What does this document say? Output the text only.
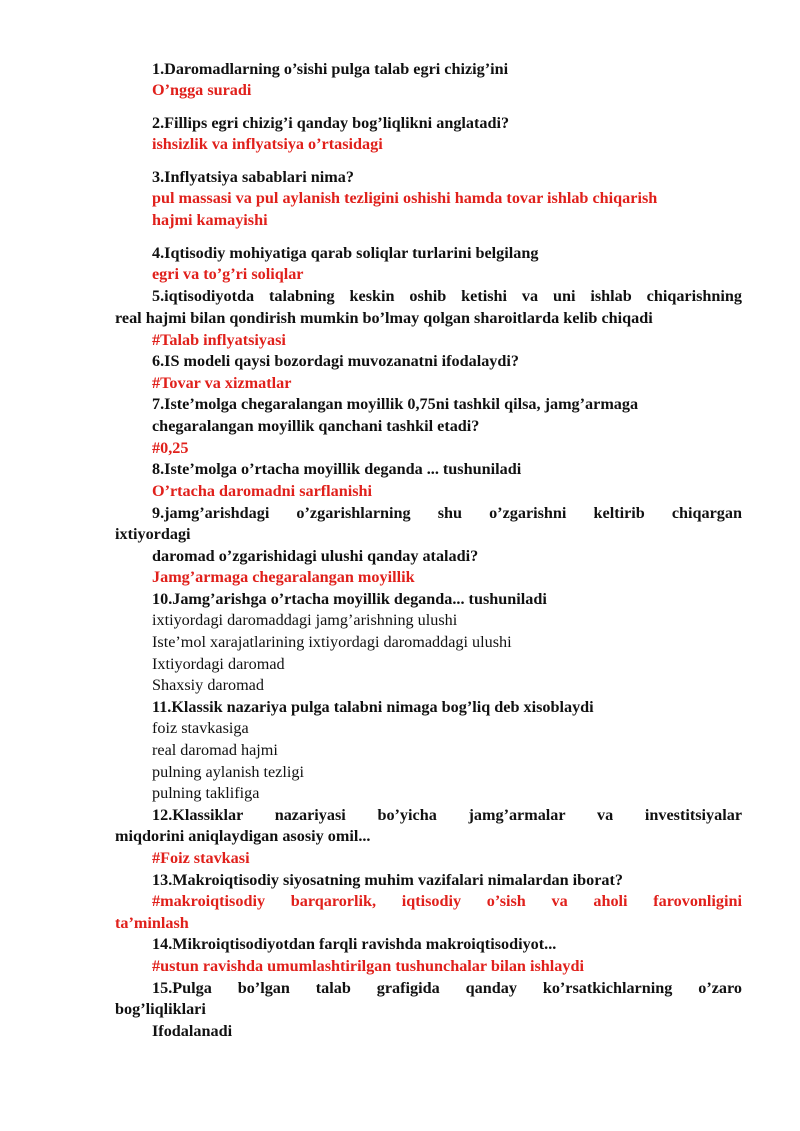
1.Daromadlarning o’sishi pulga talab egri chizig’ini
O’ngga suradi
2.Fillips egri chizig’i qanday bog’liqlikni anglatadi?
ishsizlik va inflyatsiya o’rtasidagi
3.Inflyatsiya sabablari nima?
pul massasi va pul aylanish tezligini oshishi hamda tovar ishlab chiqarish
hajmi kamayishi
4.Iqtisodiy mohiyatiga qarab soliqlar turlarini belgilang
egri va to’g’ri soliqlar
5.iqtisodiyotda talabning keskin oshib ketishi va uni ishlab chiqarishning
real hajmi bilan qondirish mumkin bo’lmay qolgan sharoitlarda kelib chiqadi
#Talab inflyatsiyasi
6.IS modeli qaysi bozordagi muvozanatni ifodalaydi?
#Tovar va xizmatlar
7.Iste’molga chegaralangan moyillik 0,75ni tashkil qilsa, jamg’armaga
chegaralangan moyillik qanchani tashkil etadi?
#0,25
8.Iste’molga o’rtacha moyillik deganda ... tushuniladi
O’rtacha daromadni sarflanishi
9.jamg’arishdagi o’zgarishlarning shu o’zgarishni keltirib chiqargan
ixtiyordagi
daromad o’zgarishidagi ulushi qanday ataladi?
Jamg’armaga chegaralangan moyillik
10.Jamg’arishga o’rtacha moyillik deganda... tushuniladi
ixtiyordagi daromaddagi jamg’arishning ulushi
Iste’mol xarajatlarining ixtiyordagi daromaddagi ulushi
Ixtiyordagi daromad
Shaxsiy daromad
11.Klassik nazariya pulga talabni nimaga bog’liq deb xisoblaydi
foiz stavkasiga
real daromad hajmi
pulning aylanish tezligi
pulning taklifiga
12.Klassiklar nazariyasi bo’yicha jamg’armalar va investitsiyalar
miqdorini aniqlaydigan asosiy omil...
#Foiz stavkasi
13.Makroiqtisodiy siyosatning muhim vazifalari nimalardan iborat?
#makroiqtisodiy barqarorlik, iqtisodiy o’sish va aholi farovonligini
ta’minlash
14.Mikroiqtisodiyotdan farqli ravishda makroiqtisodiyot...
#ustun ravishda umumlashtirilgan tushunchalar bilan ishlaydi
15.Pulga bo’lgan talab grafigida qanday ko’rsatkichlarning o’zaro
bog’liqliklari
Ifodalanadi
